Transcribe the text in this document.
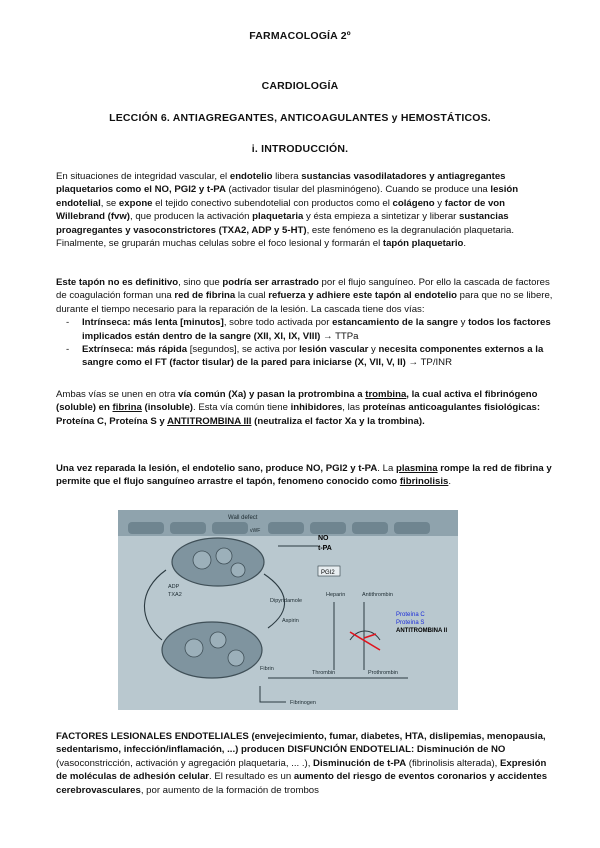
FARMACOLOGÍA 2º
CARDIOLOGÍA
LECCIÓN 6. ANTIAGREGANTES, ANTICOAGULANTES y HEMOSTÁTICOS.
i. INTRODUCCIÓN.
En situaciones de integridad vascular, el endotelio libera sustancias vasodilatadores y antiagregantes plaquetarios como el NO, PGI2 y t-PA (activador tisular del plasminógeno). Cuando se produce una lesión endotelial, se expone el tejido conectivo subendotelial con productos como el colágeno y factor de von Willebrand (fvw), que producen la activación plaquetaria y ésta empieza a sintetizar y liberar sustancias proagregantes y vasoconstrictores (TXA2, ADP y 5-HT), este fenómeno es la degranulación plaquetaria. Finalmente, se gruparán muchas celulas sobre el foco lesional y formarán el tapón plaquetario.
Este tapón no es definitivo, sino que podría ser arrastrado por el flujo sanguíneo. Por ello la cascada de factores de coagulación forman una red de fibrina la cual refuerza y adhiere este tapón al endotelio para que no se libere, durante el tiempo necesario para la reparación de la lesión. La cascada tiene dos vías:
- Intrínseca: más lenta [minutos], sobre todo activada por estancamiento de la sangre y todos los factores implicados están dentro de la sangre (XII, XI, IX, VIII) → TTPa
- Extrínseca: más rápida [segundos], se activa por lesión vascular y necesita componentes externos a la sangre como el FT (factor tisular) de la pared para iniciarse (X, VII, V, II) → TP/INR
Ambas vías se unen en otra vía común (Xa) y pasan la protrombina a trombina, la cual activa el fibrinógeno (soluble) en fibrina (insoluble). Esta vía común tiene inhibidores, las proteínas anticoagulantes fisiológicas: Proteína C, Proteína S y ANTITROMBINA III (neutraliza el factor Xa y la trombina).
Una vez reparada la lesión, el endotelio sano, produce NO, PGI2 y t-PA. La plasmina rompe la red de fibrina y permite que el flujo sanguíneo arrastre el tapón, fenomeno conocido como fibrinolisis.
Wall defect
vWF
ADP
TXA2
Dipyridamole
Aspirin
NO
t-PA
PGI2
Heparin	Antithrombin
Proteína C
Proteína S
ANTITROMBINA II
Thrombin	Prothrombin
Fibrin
Fibrinogen
FACTORES LESIONALES ENDOTELIALES (envejecimiento, fumar, diabetes, HTA, dislipemias, menopausia, sedentarismo, infección/inflamación, ...) producen DISFUNCIÓN ENDOTELIAL: Disminución de NO (vasoconstricción, activación y agregación plaquetaria, ... .), Disminución de t-PA (fibrinolisis alterada), Expresión de moléculas de adhesión celular. El resultado es un aumento del riesgo de eventos coronarios y accidentes cerebrovasculares, por aumento de la formación de trombos
